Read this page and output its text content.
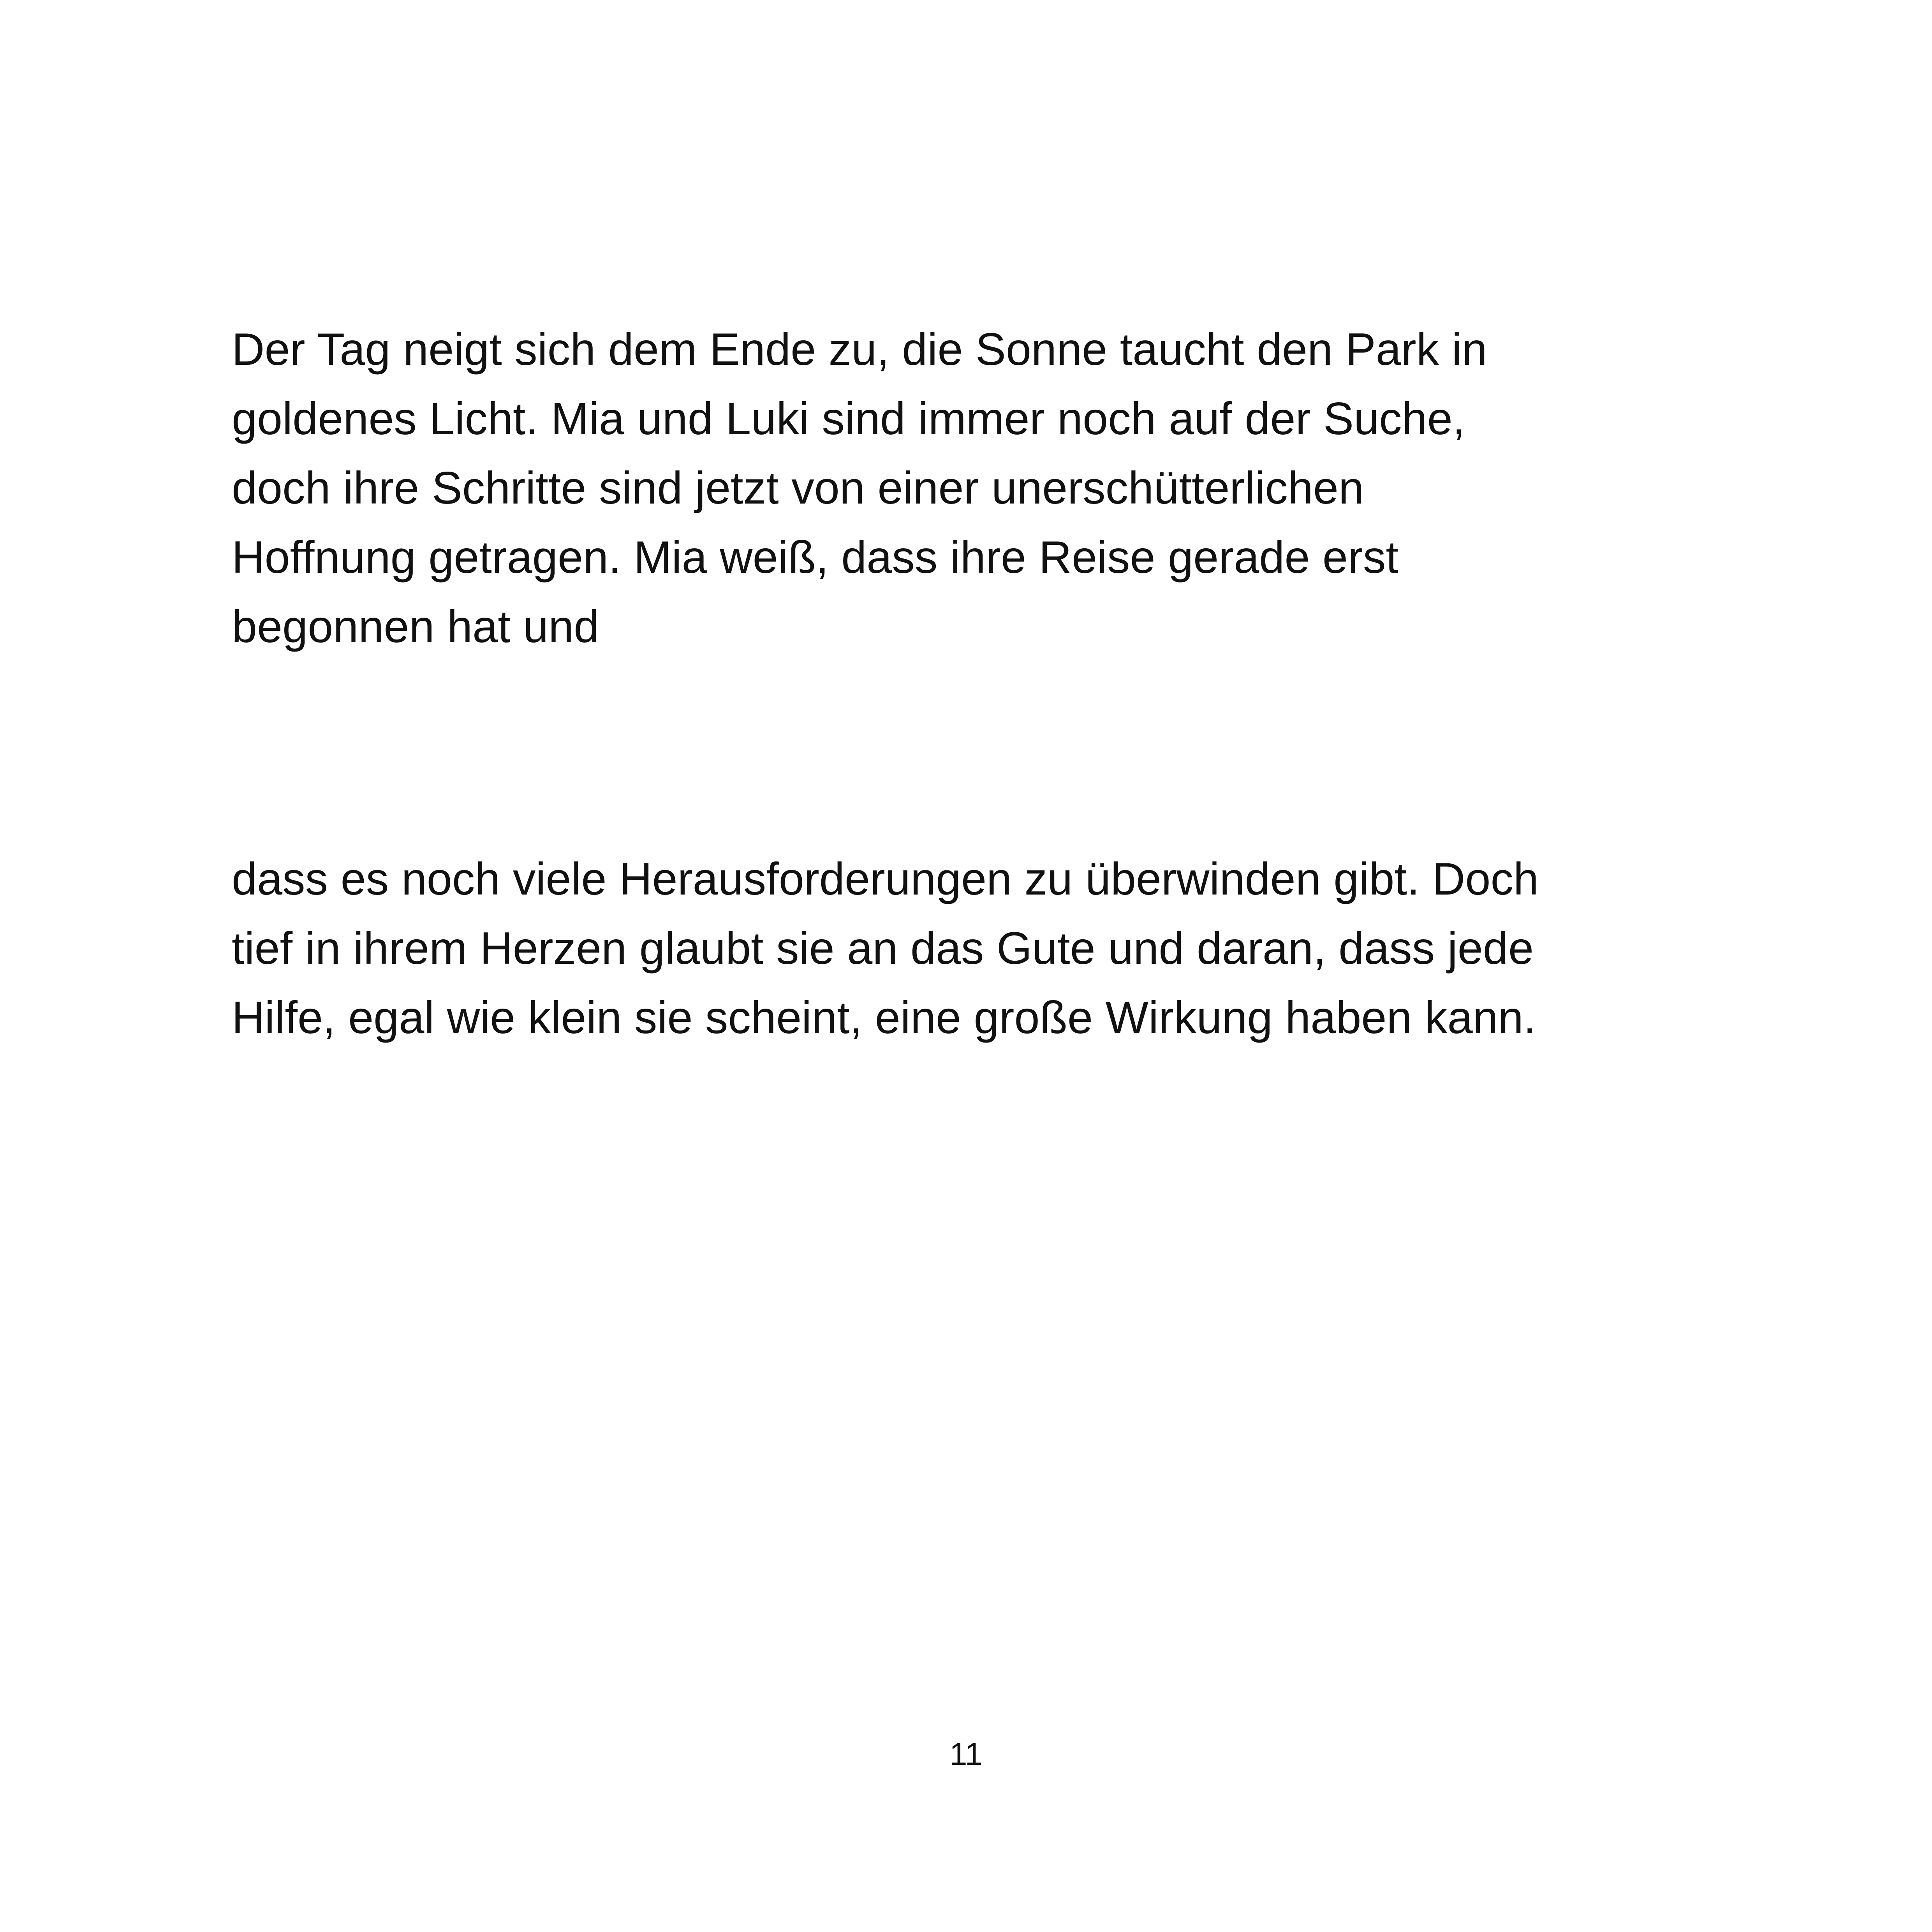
Der Tag neigt sich dem Ende zu, die Sonne taucht den Park in
goldenes Licht. Mia und Luki sind immer noch auf der Suche,
doch ihre Schritte sind jetzt von einer unerschütterlichen
Hoffnung getragen. Mia weiß, dass ihre Reise gerade erst
begonnen hat und

dass es noch viele Herausforderungen zu überwinden gibt. Doch
tief in ihrem Herzen glaubt sie an das Gute und daran, dass jede
Hilfe, egal wie klein sie scheint, eine große Wirkung haben kann.

11
